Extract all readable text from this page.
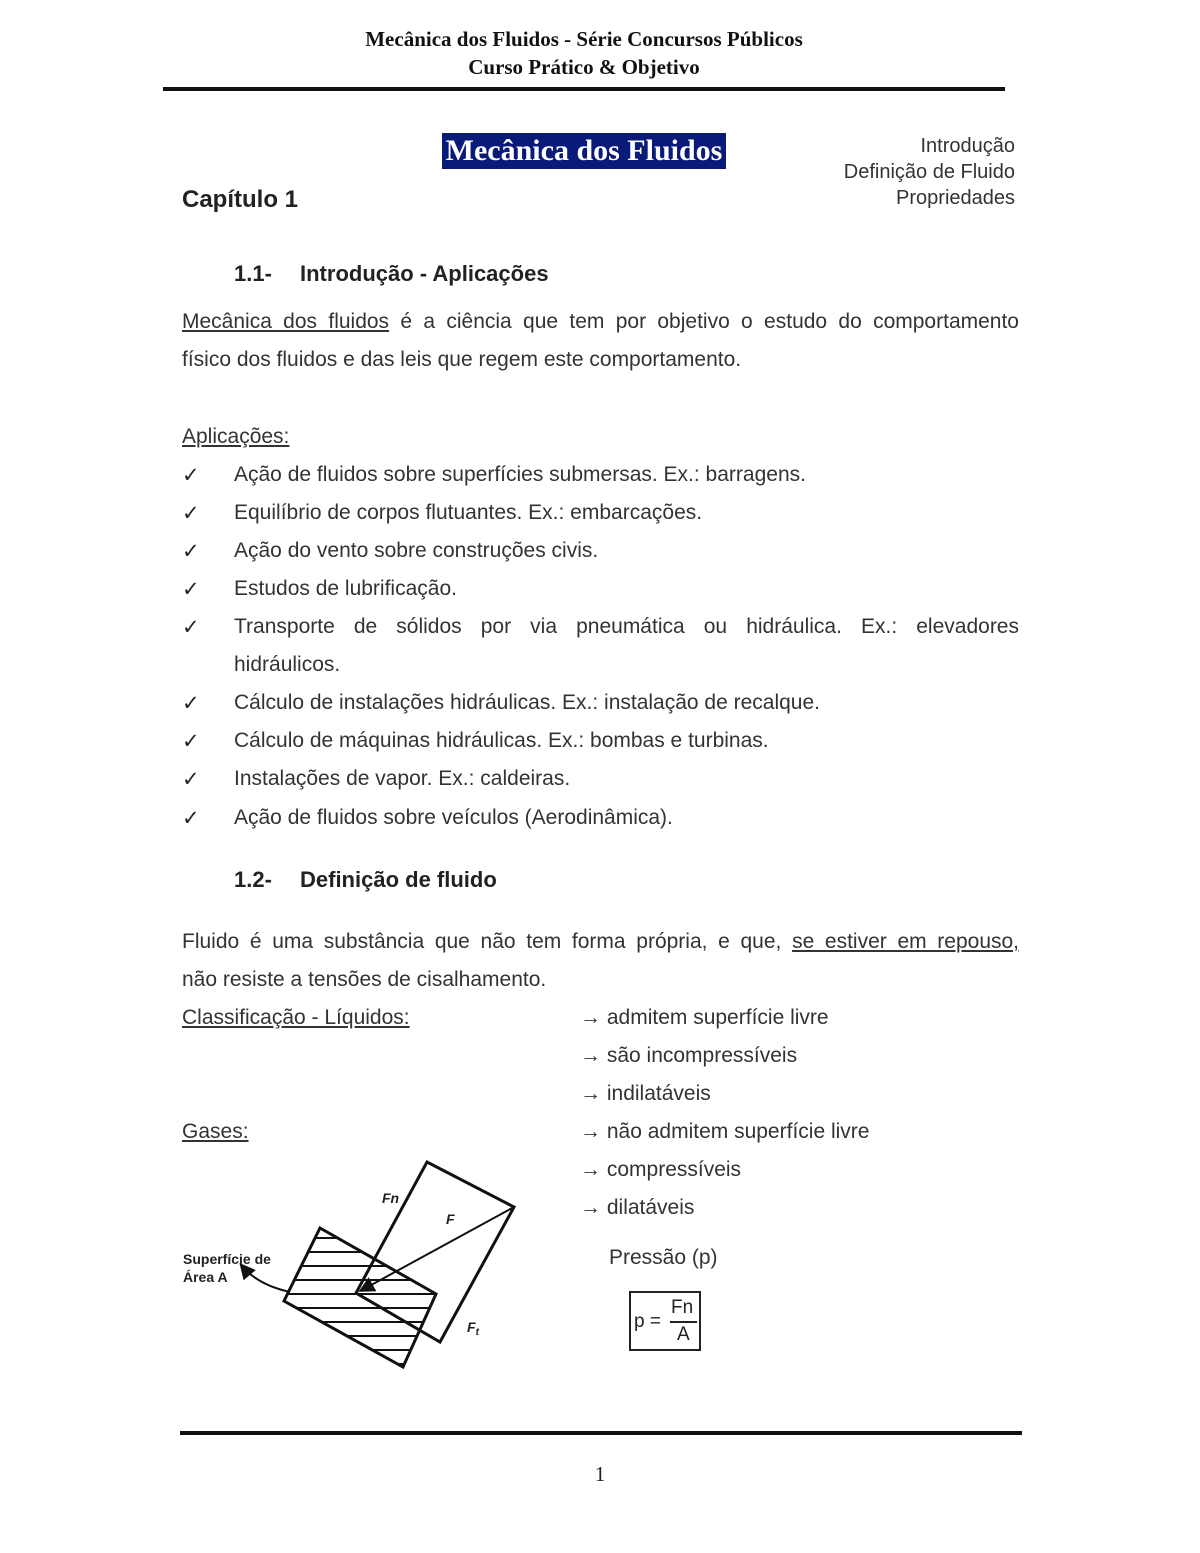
Mecânica dos Fluidos - Série Concursos Públicos
Curso Prático & Objetivo
Mecânica dos Fluidos	Introdução
Definição de Fluido
Propriedades
Capítulo 1
1.1- Introdução - Aplicações
Mecânica dos fluidos é a ciência que tem por objetivo o estudo do comportamento
físico dos fluidos e das leis que regem este comportamento.
Aplicações:
✓ Ação de fluidos sobre superfícies submersas. Ex.: barragens.
✓ Equilíbrio de corpos flutuantes. Ex.: embarcações.
✓ Ação do vento sobre construções civis.
✓ Estudos de lubrificação.
✓ Transporte de sólidos por via pneumática ou hidráulica. Ex.: elevadores
hidráulicos.
✓ Cálculo de instalações hidráulicas. Ex.: instalação de recalque.
✓ Cálculo de máquinas hidráulicas. Ex.: bombas e turbinas.
✓ Instalações de vapor. Ex.: caldeiras.
✓ Ação de fluidos sobre veículos (Aerodinâmica).
1.2- Definição de fluido
Fluido é uma substância que não tem forma própria, e que, se estiver em repouso,
não resiste a tensões de cisalhamento.
Classificação - Líquidos:
Gases:
→ admitem superfície livre
→ são incompressíveis
→ indilatáveis
→ não admitem superfície livre
→ compressíveis
→ dilatáveis
Superfície de
Área A
Fn
F
$F_t$
Pressão (p)
p =
Fn
A
1
